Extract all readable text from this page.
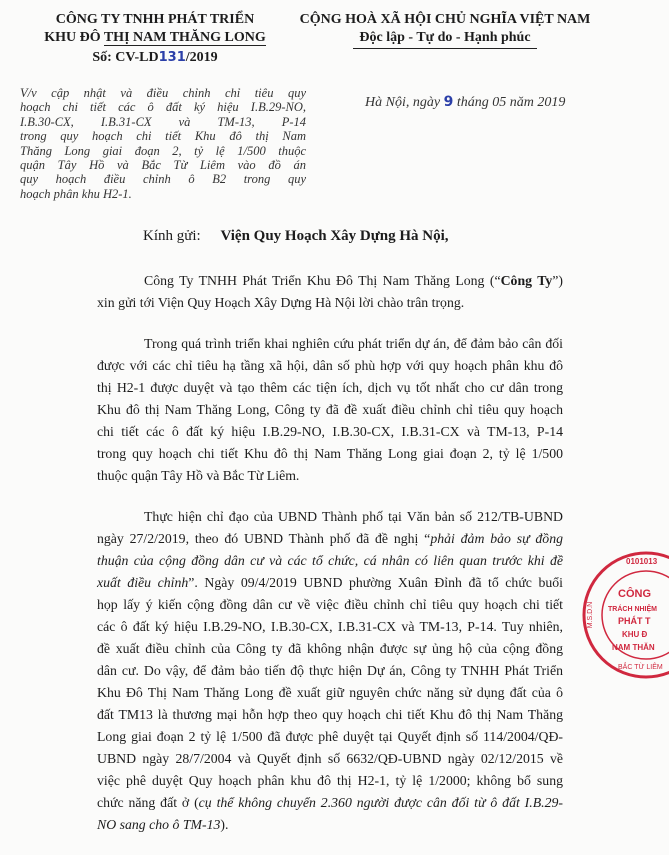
CÔNG TY TNHH PHÁT TRIỂN
KHU ĐÔ THỊ NAM THĂNG LONG
Số: CV-LD131/2019
CỘNG HOÀ XÃ HỘI CHỦ NGHĨA VIỆT NAM
Độc lập - Tự do - Hạnh phúc
V/v cập nhật và điều chỉnh chỉ tiêu quy
hoạch chi tiết các ô đất ký hiệu I.B.29-NO,
I.B.30-CX, I.B.31-CX và TM-13, P-14
trong quy hoạch chi tiết Khu đô thị Nam
Thăng Long giai đoạn 2, tỷ lệ 1/500 thuộc
quận Tây Hồ và Bắc Từ Liêm vào đồ án
quy hoạch điều chỉnh ô B2 trong quy
hoạch phân khu H2-1.
Hà Nội, ngày 9 tháng 05 năm 2019
Kính gửi: Viện Quy Hoạch Xây Dựng Hà Nội,
Công Ty TNHH Phát Triển Khu Đô Thị Nam Thăng Long (“Công Ty”)
xin gửi tới Viện Quy Hoạch Xây Dựng Hà Nội lời chào trân trọng.
Trong quá trình triển khai nghiên cứu phát triển dự án, để đảm bảo cân đối
được với các chỉ tiêu hạ tầng xã hội, dân số phù hợp với quy hoạch phân khu đô
thị H2-1 được duyệt và tạo thêm các tiện ích, dịch vụ tốt nhất cho cư dân trong
Khu đô thị Nam Thăng Long, Công ty đã đề xuất điều chỉnh chỉ tiêu quy hoạch
chi tiết các ô đất ký hiệu I.B.29-NO, I.B.30-CX, I.B.31-CX và TM-13, P-14
trong quy hoạch chi tiết Khu đô thị Nam Thăng Long giai đoạn 2, tỷ lệ 1/500
thuộc quận Tây Hồ và Bắc Từ Liêm.
Thực hiện chỉ đạo của UBND Thành phố tại Văn bản số 212/TB-UBND
ngày 27/2/2019, theo đó UBND Thành phố đã đề nghị “phải đảm bảo sự đồng
thuận của cộng đồng dân cư và các tổ chức, cá nhân có liên quan trước khi đề
xuất điều chỉnh”. Ngày 09/4/2019 UBND phường Xuân Đỉnh đã tổ chức buổi
họp lấy ý kiến cộng đồng dân cư về việc điều chỉnh chỉ tiêu quy hoạch chi tiết
các ô đất ký hiệu I.B.29-NO, I.B.30-CX, I.B.31-CX và TM-13, P-14. Tuy nhiên,
đề xuất điều chỉnh của Công ty đã không nhận được sự ủng hộ của cộng đồng
dân cư. Do vậy, để đảm bảo tiến độ thực hiện Dự án, Công ty TNHH Phát Triển
Khu Đô Thị Nam Thăng Long đề xuất giữ nguyên chức năng sử dụng đất của ô
đất TM13 là thương mại hỗn hợp theo quy hoạch chi tiết Khu đô thị Nam Thăng
Long giai đoạn 2 tỷ lệ 1/500 đã được phê duyệt tại Quyết định số 114/2004/QĐ-
UBND ngày 28/7/2004 và Quyết định số 6632/QĐ-UBND ngày 02/12/2015 về
việc phê duyệt Quy hoạch phân khu đô thị H2-1, tỷ lệ 1/2000; không bổ sung
chức năng đất ở (cụ thể không chuyển 2.360 người được cân đối từ ô đất I.B.29-
NO sang cho ô TM-13).
0101013
M.S.D.N
CÔNG
TRÁCH NHIỆM
PHÁT T
KHU Đ
NAM THĂN
BẮC TỪ LIÊM
